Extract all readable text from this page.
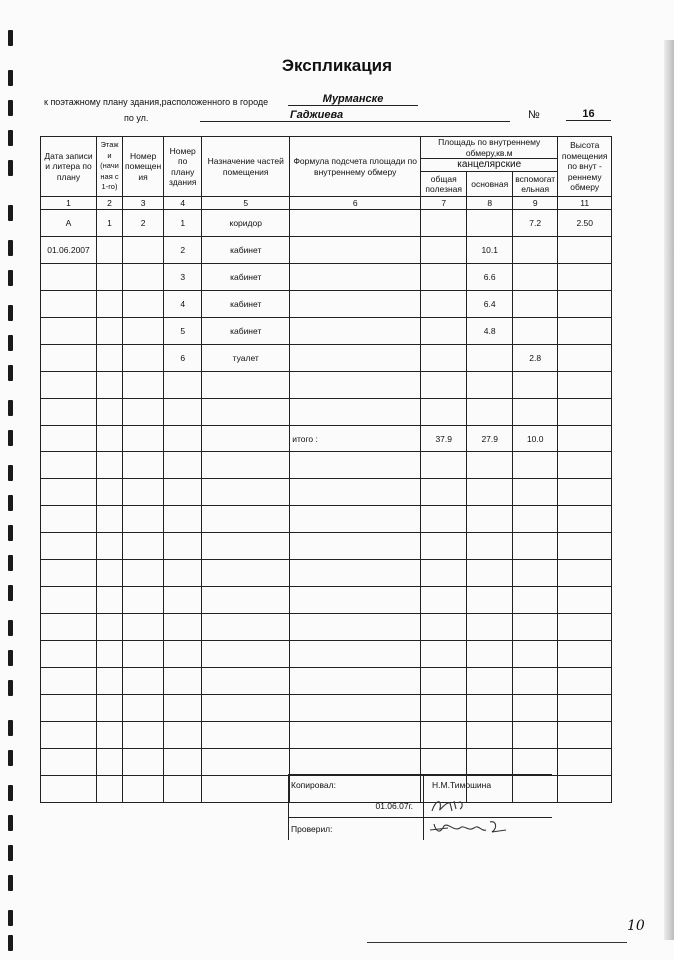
Экспликация
к поэтажному плану здания,расположенного в городе	Мурманске
по ул.	Гаджиева	№	16
Дата записи и литера по плану	Этаж и (начи ная с 1-го)	Номер помещен ия	Номер по плану здания	Назначение частей помещения	Формула подсчета площади по внутреннему обмеру	Площадь по внутреннему обмеру,кв.м			Высота помещения по внут - реннему обмеру
						канцелярские			
						общая полезная	основная	вспомогат ельная	
1	2	3	4	5	6	7	8	9	11
А	1	2	1	коридор				7.2	2.50
01.06.2007			2	кабинет			10.1		
			3	кабинет			6.6		
			4	кабинет			6.4		
			5	кабинет			4.8		
			6	туалет				2.8	

					итого :	37.9	27.9	10.0	

Копировал:	Н.М.Тимошина
01.06.07г.	
Проверил:	
10
